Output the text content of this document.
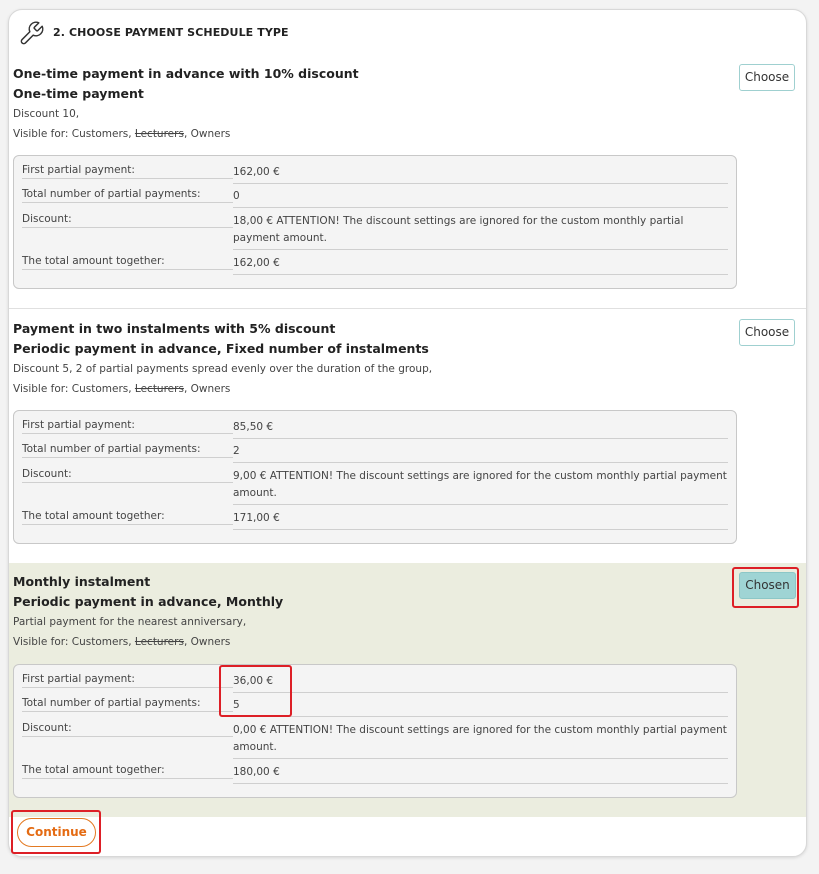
2. CHOOSE PAYMENT SCHEDULE TYPE
One-time payment in advance with 10% discount
One-time payment
Discount 10,
Visible for: Customers, Lecturers, Owners
Choose
First partial payment:	162,00 €
Total number of partial payments:	0
Discount:	18,00 € ATTENTION! The discount settings are ignored for the custom monthly partial payment amount.
The total amount together:	162,00 €
Payment in two instalments with 5% discount
Periodic payment in advance, Fixed number of instalments
Discount 5, 2 of partial payments spread evenly over the duration of the group,
Visible for: Customers, Lecturers, Owners
Choose
First partial payment:	85,50 €
Total number of partial payments:	2
Discount:	9,00 € ATTENTION! The discount settings are ignored for the custom monthly partial payment amount.
The total amount together:	171,00 €
Monthly instalment
Periodic payment in advance, Monthly
Partial payment for the nearest anniversary,
Visible for: Customers, Lecturers, Owners
Chosen
First partial payment:	36,00 €
Total number of partial payments:	5
Discount:	0,00 € ATTENTION! The discount settings are ignored for the custom monthly partial payment amount.
The total amount together:	180,00 €
Continue
